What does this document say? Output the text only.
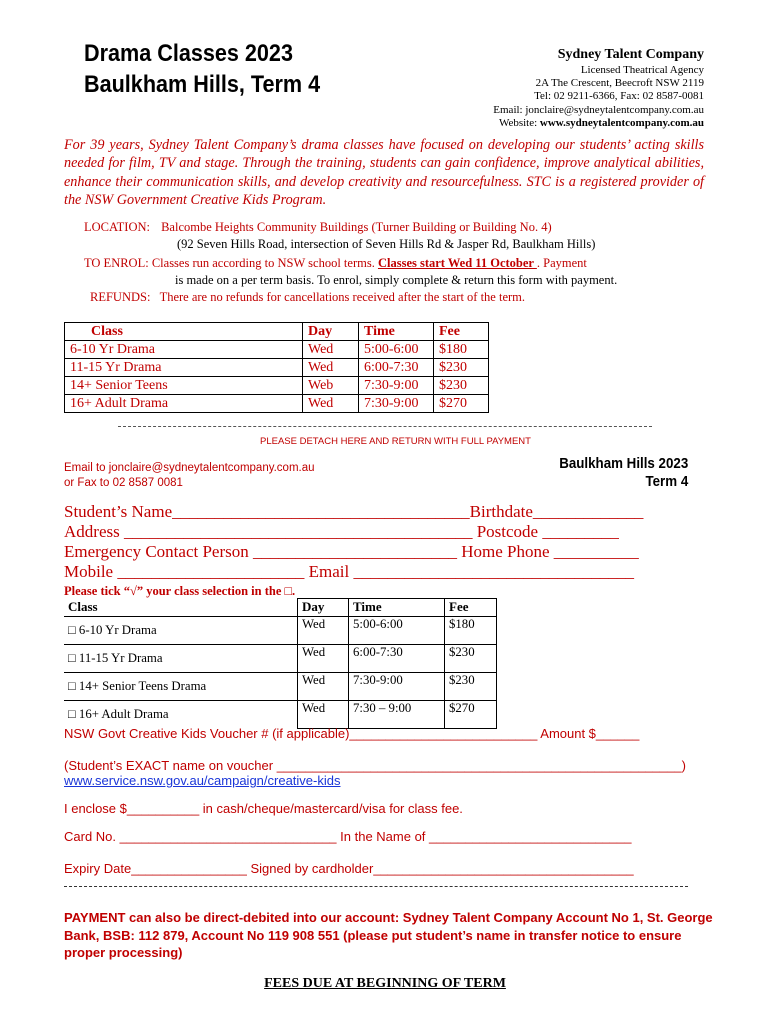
Drama Classes 2023
Baulkham Hills, Term 4
Sydney Talent Company
Licensed Theatrical Agency
2A The Crescent, Beecroft NSW 2119
Tel: 02 9211-6366, Fax: 02 8587-0081
Email: jonclaire@sydneytalentcompany.com.au
Website: www.sydneytalentcompany.com.au
For 39 years, Sydney Talent Company’s drama classes have focused on developing our students’ acting skills needed for film, TV and stage. Through the training, students can gain confidence, improve analytical abilities, enhance their communication skills, and develop creativity and resourcefulness. STC is a registered provider of the NSW Government Creative Kids Program.
LOCATION: Balcombe Heights Community Buildings (Turner Building or Building No. 4)
(92 Seven Hills Road, intersection of Seven Hills Rd & Jasper Rd, Baulkham Hills)
TO ENROL: Classes run according to NSW school terms. Classes start Wed 11 October . Payment
is made on a per term basis. To enrol, simply complete & return this form with payment.
REFUNDS: There are no refunds for cancellations received after the start of the term.
Class	Day	Time	Fee
6-10 Yr Drama	Wed	5:00-6:00	$180
11-15 Yr Drama	Wed	6:00-7:30	$230
14+ Senior Teens	Web	7:30-9:00	$230
16+ Adult Drama	Wed	7:30-9:00	$270
PLEASE DETACH HERE AND RETURN WITH FULL PAYMENT
Email to jonclaire@sydneytalentcompany.com.au
or Fax to 02 8587 0081
Baulkham Hills 2023
Term 4
Student’s Name___________________________________Birthdate_____________
Address _________________________________________ Postcode _________
Emergency Contact Person ________________________ Home Phone __________
Mobile ______________________ Email _________________________________
Please tick “√” your class selection in the □.
Class	Day	Time	Fee
□ 6-10 Yr Drama	Wed	5:00-6:00	$180
□ 11-15 Yr Drama	Wed	6:00-7:30	$230
□ 14+ Senior Teens Drama	Wed	7:30-9:00	$230
□ 16+ Adult Drama	Wed	7:30 – 9:00	$270
NSW Govt Creative Kids Voucher # (if applicable)__________________________ Amount $______
(Student’s EXACT name on voucher ________________________________________________________)
www.service.nsw.gov.au/campaign/creative-kids
I enclose $__________ in cash/cheque/mastercard/visa for class fee.
Card No. ______________________________ In the Name of ____________________________
Expiry Date________________ Signed by cardholder____________________________________
PAYMENT can also be direct-debited into our account: Sydney Talent Company Account No 1, St. George Bank, BSB: 112 879, Account No 119 908 551 (please put student’s name in transfer notice to ensure proper processing)
FEES DUE AT BEGINNING OF TERM
